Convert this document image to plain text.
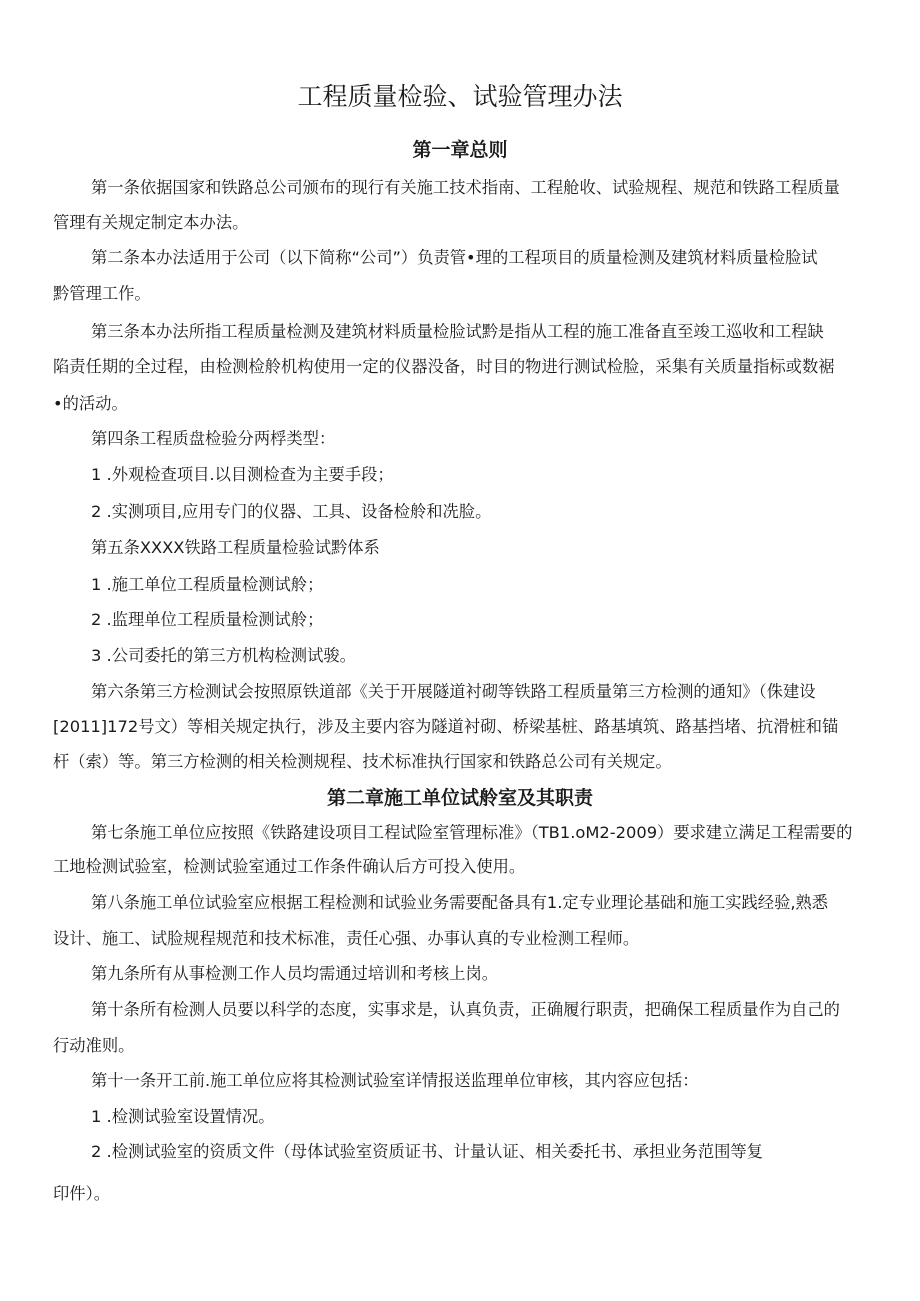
工程质量检验、试验管理办法
第一章总则
第一条依据国家和铁路总公司颁布的现行有关施工技术指南、工程舱收、试验规程、规范和铁路工程质量
管理有关规定制定本办法。
第二条本办法适用于公司（以下简称“公司”）负责管•理的工程项目的质量检测及建筑材料质量检脸试
黔管理工作。
第三条本办法所指工程质量检测及建筑材料质量检脸试黔是指从工程的施工准备直至竣工巡收和工程缺
陷责任期的全过程，由检测检舲机构使用一定的仪器没备，时目的物进行测试检脸，采集有关质量指标或数裾
•的活动。
第四条工程质盘检验分两桴类型：
1 .外观检查项目.以目测检查为主要手段；
2 .实测项目,应用专门的仪器、工具、设备检舲和冼脸。
第五条XXXX铁路工程质量检验试黔体系
1 .施工单位工程质量检测试舲；
2 .监理单位工程质量检测试舲；
3 .公司委托的第三方机构检测试骏。
第六条第三方检测试会按照原铁道部《关于开展隧道衬砌等铁路工程质量第三方检测的通知》（侏建设
[2011]172号文）等相关规定执行，涉及主要内容为隧道衬砌、桥梁基桩、路基填筑、路基挡堵、抗滑桩和锚
杆（索）等。第三方检测的相关检测规程、技术标准执行国家和铁路总公司有关规定。
第二章施工单位试舲室及其职责
第七条施工单位应按照《铁路建设项目工程试险室管理标准》（TB1.oM2-2009）要求建立满足工程需要的
工地检测试验室，检测试验室通过工作条件确认后方可投入使用。
第八条施工单位试验室应根据工程检测和试验业务需要配备具有1.定专业理论基础和施工实践经验,熟悉
设计、施工、试脸规程规范和技术标准，责任心强、办事认真的专业检测工程师。
第九条所有从事检测工作人员均需通过培训和考核上岗。
第十条所有检测人员要以科学的态度，实事求是，认真负责，正确履行职责，把确保工程质量作为自己的
行动准则。
第十一条开工前.施工单位应将其检测试验室详情报送监理单位审核，其内容应包括：
1 .检测试验室设置情况。
2 .检测试验室的资质文件（母体试验室资质证书、计量认证、相关委托书、承担业务范围等复
印件）。
